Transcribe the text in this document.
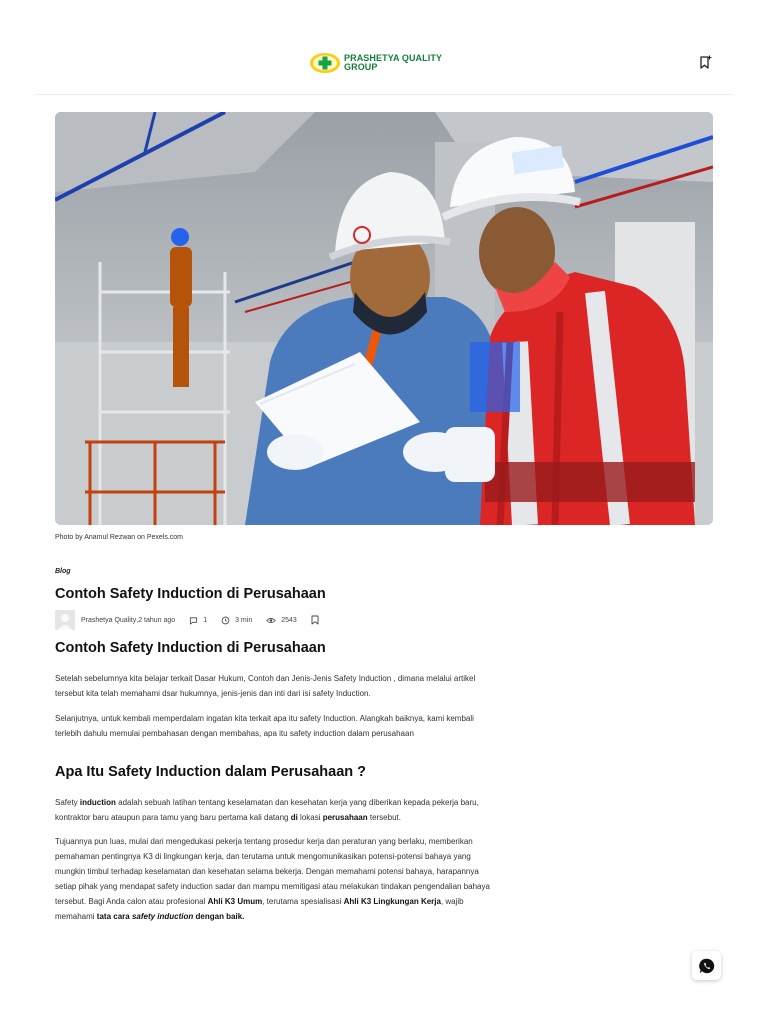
PRASHETYA QUALITY
GROUP
Photo by Anamul Rezwan on Pexels.com
Blog
Contoh Safety Induction di Perusahaan
Prashetya Quality , 2 tahun ago	1	3 min	2543
Contoh Safety Induction di Perusahaan

Setelah sebelumnya kita belajar terkait Dasar Hukum, Contoh dan Jenis-Jenis Safety Induction , dimana melalui artikel tersebut kita telah memahami dsar hukumnya, jenis-jenis dan inti dari isi safety Induction.

Selanjutnya, untuk kembali memperdalam ingatan kita terkait apa itu safety Induction. Alangkah baiknya, kami kembali terlebih dahulu memulai pembahasan dengan membahas, apa itu safety induction dalam perusahaan

Apa Itu Safety Induction dalam Perusahaan ?

Safety induction adalah sebuah latihan tentang keselamatan dan kesehatan kerja yang diberikan kepada pekerja baru, kontraktor baru ataupun para tamu yang baru pertama kali datang di lokasi perusahaan tersebut.

Tujuannya pun luas, mulai dari mengedukasi pekerja tentang prosedur kerja dan peraturan yang berlaku, memberikan pemahaman pentingnya K3 di lingkungan kerja, dan terutama untuk mengomunikasikan potensi-potensi bahaya yang mungkin timbul terhadap keselamatan dan kesehatan selama bekerja. Dengan memahami potensi bahaya, harapannya setiap pihak yang mendapat safety induction sadar dan mampu memitigasi atau melakukan tindakan pengendalian bahaya tersebut. Bagi Anda calon atau profesional Ahli K3 Umum, terutama spesialisasi Ahli K3 Lingkungan Kerja, wajib memahami tata cara safety induction dengan baik.
